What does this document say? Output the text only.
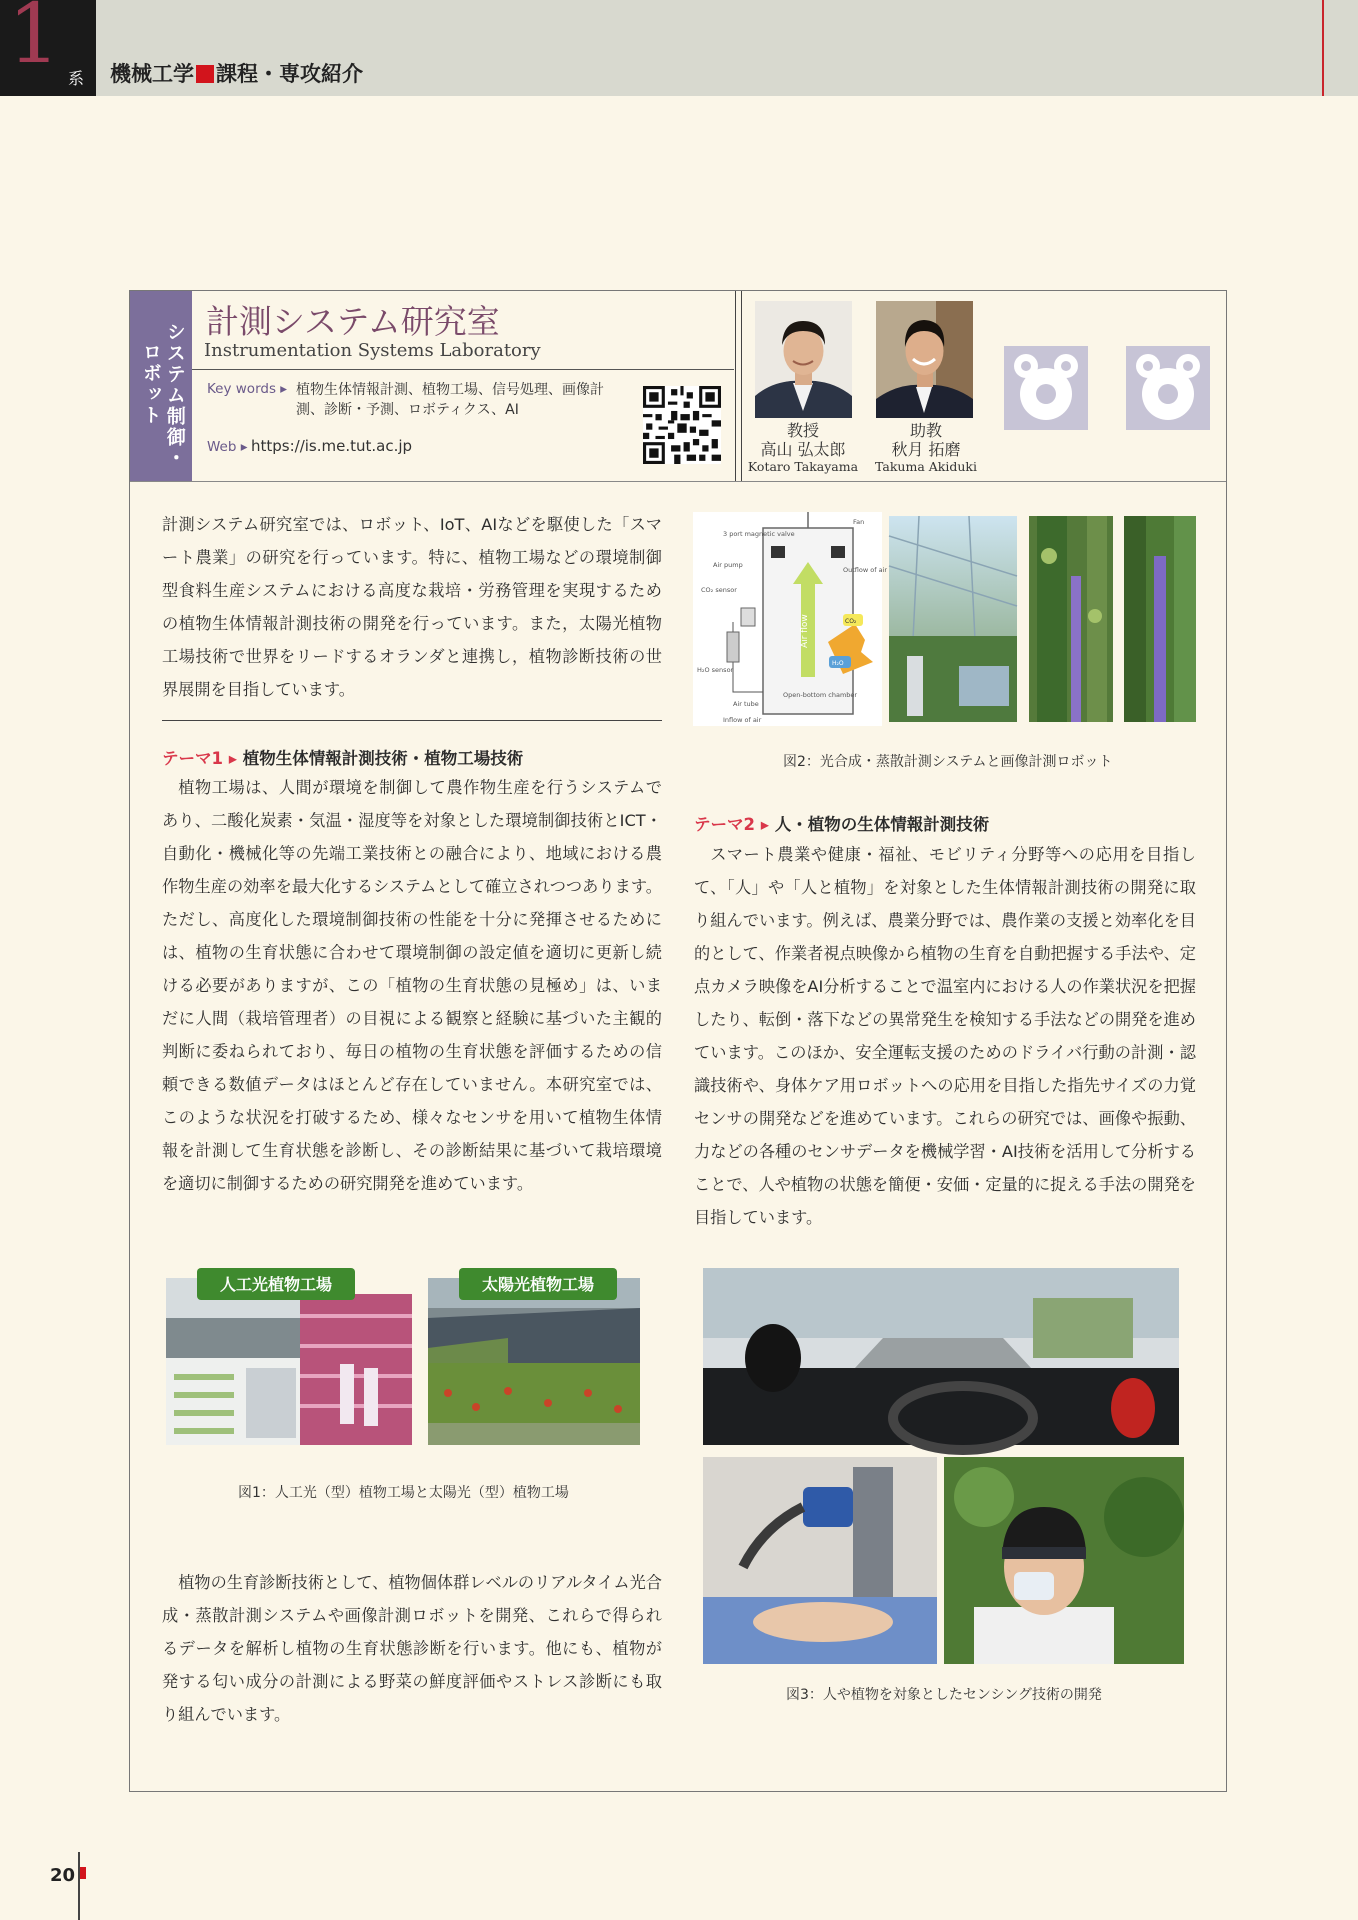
1 系 機械工学 課程・専攻紹介
システム制御・
ロボット
計測システム研究室
Instrumentation Systems Laboratory
Key words ▸ 植物生体情報計測、植物工場、信号処理、画像計測、診断・予測、ロボティクス、AI
Web ▸ https://is.me.tut.ac.jp
教授
高山 弘太郎
Kotaro Takayama
助教
秋月 拓磨
Takuma Akiduki
計測システム研究室では、ロボット、IoT、AIなどを駆使した「スマート農業」の研究を行っています。特に、植物工場などの環境制御型食料生産システムにおける高度な栽培・労務管理を実現するための植物生体情報計測技術の開発を行っています。また，太陽光植物工場技術で世界をリードするオランダと連携し，植物診断技術の世界展開を目指しています。
テーマ1 ▸ 植物生体情報計測技術・植物工場技術
植物工場は、人間が環境を制御して農作物生産を行うシステムであり、二酸化炭素・気温・湿度等を対象とした環境制御技術とICT・自動化・機械化等の先端工業技術との融合により、地域における農作物生産の効率を最大化するシステムとして確立されつつあります。ただし、高度化した環境制御技術の性能を十分に発揮させるためには、植物の生育状態に合わせて環境制御の設定値を適切に更新し続ける必要がありますが、この「植物の生育状態の見極め」は、いまだに人間（栽培管理者）の目視による観察と経験に基づいた主観的判断に委ねられており、毎日の植物の生育状態を評価するための信頼できる数値データはほとんど存在していません。本研究室では、このような状況を打破するため、様々なセンサを用いて植物生体情報を計測して生育状態を診断し、その診断結果に基づいて栽培環境を適切に制御するための研究開発を進めています。
Air flow	CO₂
H₂O
3 port magnetic valve
Fan
Air pump
CO₂ sensor
Outflow of air
H₂O sensor
Air tube
Open-bottom chamber
Inflow of air
図2：光合成・蒸散計測システムと画像計測ロボット
テーマ2 ▸ 人・植物の生体情報計測技術
スマート農業や健康・福祉、モビリティ分野等への応用を目指して、「人」や「人と植物」を対象とした生体情報計測技術の開発に取り組んでいます。例えば、農業分野では、農作業の支援と効率化を目的として、作業者視点映像から植物の生育を自動把握する手法や、定点カメラ映像をAI分析することで温室内における人の作業状況を把握したり、転倒・落下などの異常発生を検知する手法などの開発を進めています。このほか、安全運転支援のためのドライバ行動の計測・認識技術や、身体ケア用ロボットへの応用を目指した指先サイズの力覚センサの開発などを進めています。これらの研究では、画像や振動、力などの各種のセンサデータを機械学習・AI技術を活用して分析することで、人や植物の状態を簡便・安価・定量的に捉える手法の開発を目指しています。
人工光植物工場	太陽光植物工場
図1：人工光（型）植物工場と太陽光（型）植物工場
植物の生育診断技術として、植物個体群レベルのリアルタイム光合成・蒸散計測システムや画像計測ロボットを開発、これらで得られるデータを解析し植物の生育状態診断を行います。他にも、植物が発する匂い成分の計測による野菜の鮮度評価やストレス診断にも取り組んでいます。
図3：人や植物を対象としたセンシング技術の開発
20
